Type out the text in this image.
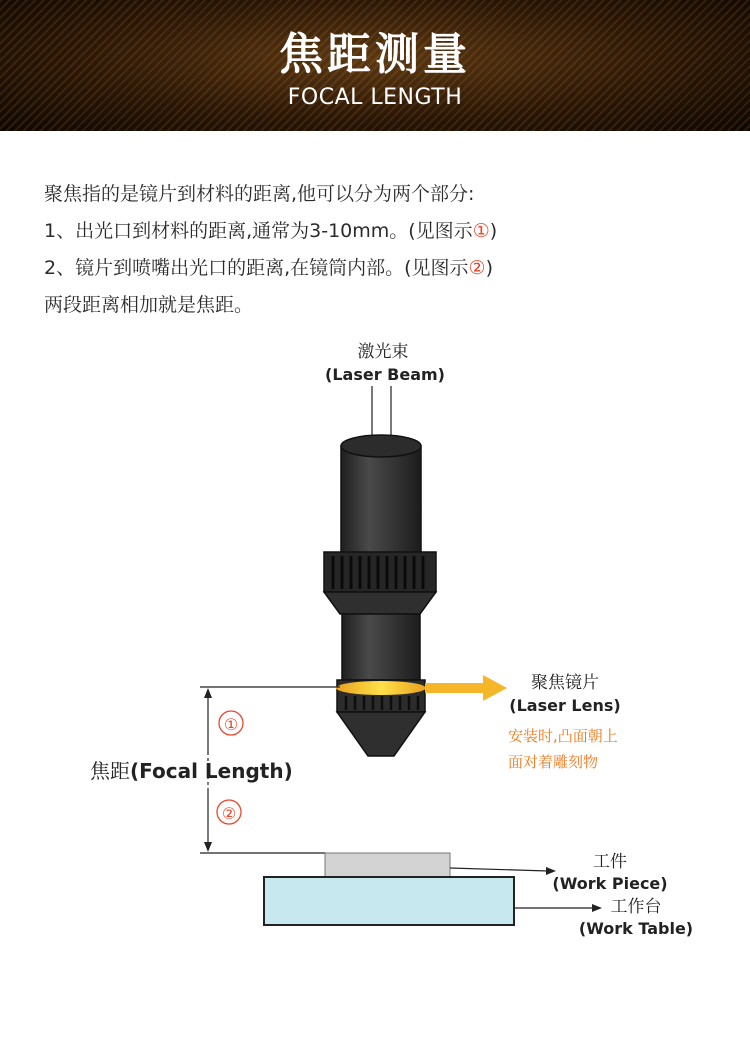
焦距测量
FOCAL LENGTH
聚焦指的是镜片到材料的距离,他可以分为两个部分:
1、出光口到材料的距离,通常为3-10mm。(见图示①)
2、镜片到喷嘴出光口的距离,在镜筒内部。(见图示②)
两段距离相加就是焦距。
激光束
(Laser Beam)
聚焦镜片
(Laser Lens)
安装时,凸面朝上
面对着雕刻物
①
②
焦距(Focal Length)
工件
(Work Piece)
工作台
(Work Table)
